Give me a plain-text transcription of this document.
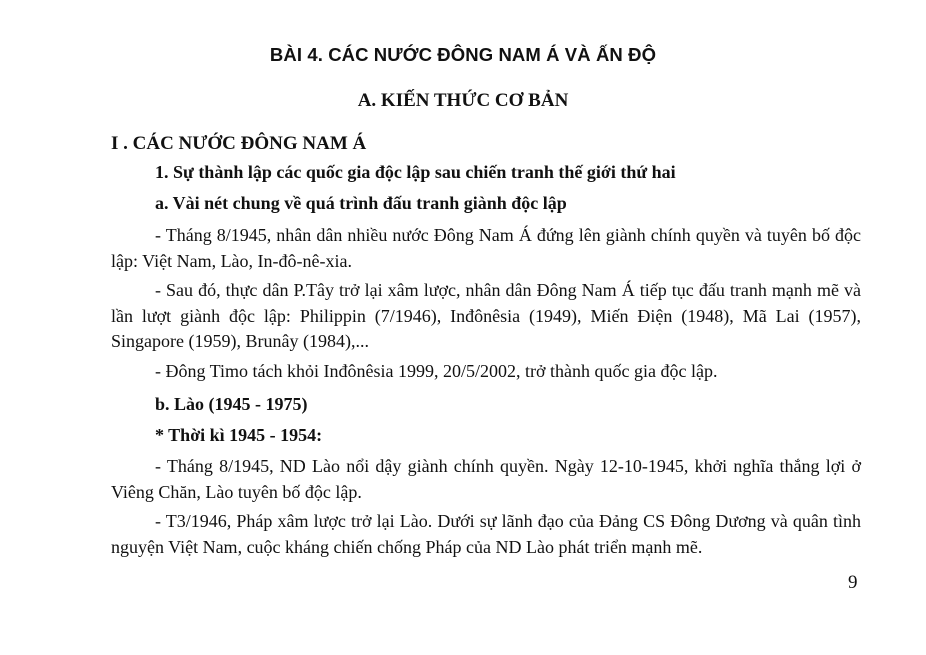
BÀI 4. CÁC NƯỚC ĐÔNG NAM Á VÀ ẤN ĐỘ
A. KIẾN THỨC CƠ BẢN
I . CÁC NƯỚC ĐÔNG NAM Á
1. Sự thành lập các quốc gia độc lập sau chiến tranh thế giới thứ hai
a. Vài nét chung về quá trình đấu tranh giành độc lập
- Tháng 8/1945, nhân dân nhiều nước Đông Nam Á đứng lên giành chính quyền và tuyên bố độc lập: Việt Nam, Lào, In-đô-nê-xia.
- Sau đó, thực dân P.Tây trở lại xâm lược, nhân dân Đông Nam Á tiếp tục đấu tranh mạnh mẽ và lần lượt giành độc lập: Philippin (7/1946), Inđônêsia (1949), Miến Điện (1948), Mã Lai (1957), Singapore (1959), Brunây (1984),...
- Đông Timo tách khỏi Inđônêsia 1999, 20/5/2002, trở thành quốc gia độc lập.
b. Lào (1945 - 1975)
* Thời kì 1945 - 1954:
- Tháng 8/1945, ND Lào nổi dậy giành chính quyền. Ngày 12-10-1945, khởi nghĩa thắng lợi ở Viêng Chăn, Lào tuyên bố độc lập.
- T3/1946, Pháp xâm lược trở lại Lào. Dưới sự lãnh đạo của Đảng CS Đông Dương và quân tình nguyện Việt Nam, cuộc kháng chiến chống Pháp của ND Lào phát triển mạnh mẽ.
9
